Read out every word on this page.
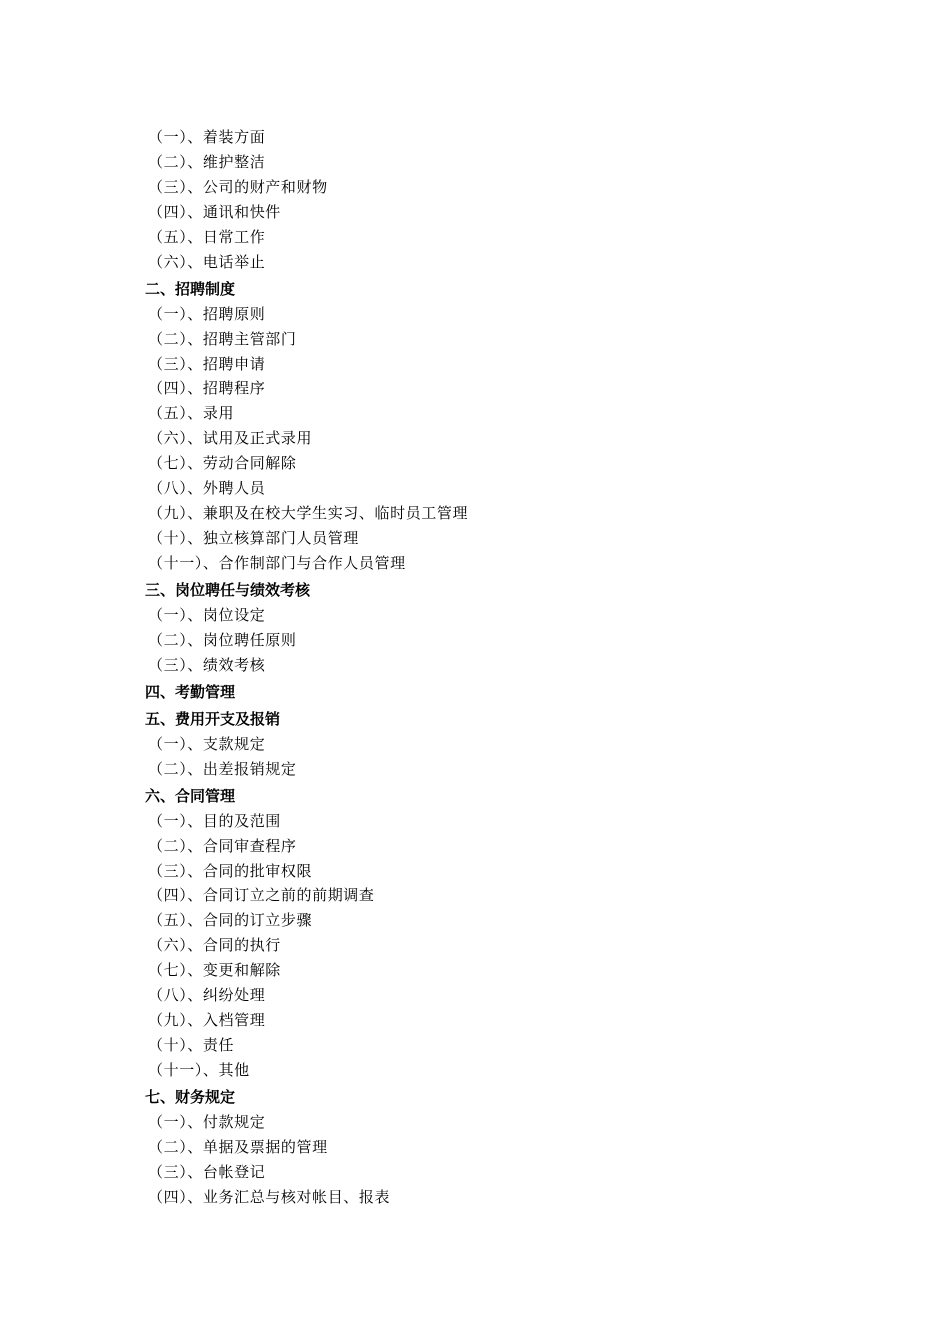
（一）、着装方面
（二）、维护整洁
（三）、公司的财产和财物
（四）、通讯和快件
（五）、日常工作
（六）、电话举止
二、招聘制度
（一）、招聘原则
（二）、招聘主管部门
（三）、招聘申请
（四）、招聘程序
（五）、录用
（六）、试用及正式录用
（七）、劳动合同解除
（八）、外聘人员
（九）、兼职及在校大学生实习、临时员工管理
（十）、独立核算部门人员管理
（十一）、合作制部门与合作人员管理
三、岗位聘任与绩效考核
（一）、岗位设定
（二）、岗位聘任原则
（三）、绩效考核
四、考勤管理
五、费用开支及报销
（一）、支款规定
（二）、出差报销规定
六、合同管理
（一）、目的及范围
（二）、合同审查程序
（三）、合同的批审权限
（四）、合同订立之前的前期调查
（五）、合同的订立步骤
（六）、合同的执行
（七）、变更和解除
（八）、纠纷处理
（九）、入档管理
（十）、责任
（十一）、其他
七、财务规定
（一）、付款规定
（二）、单据及票据的管理
（三）、台帐登记
（四）、业务汇总与核对帐目、报表
